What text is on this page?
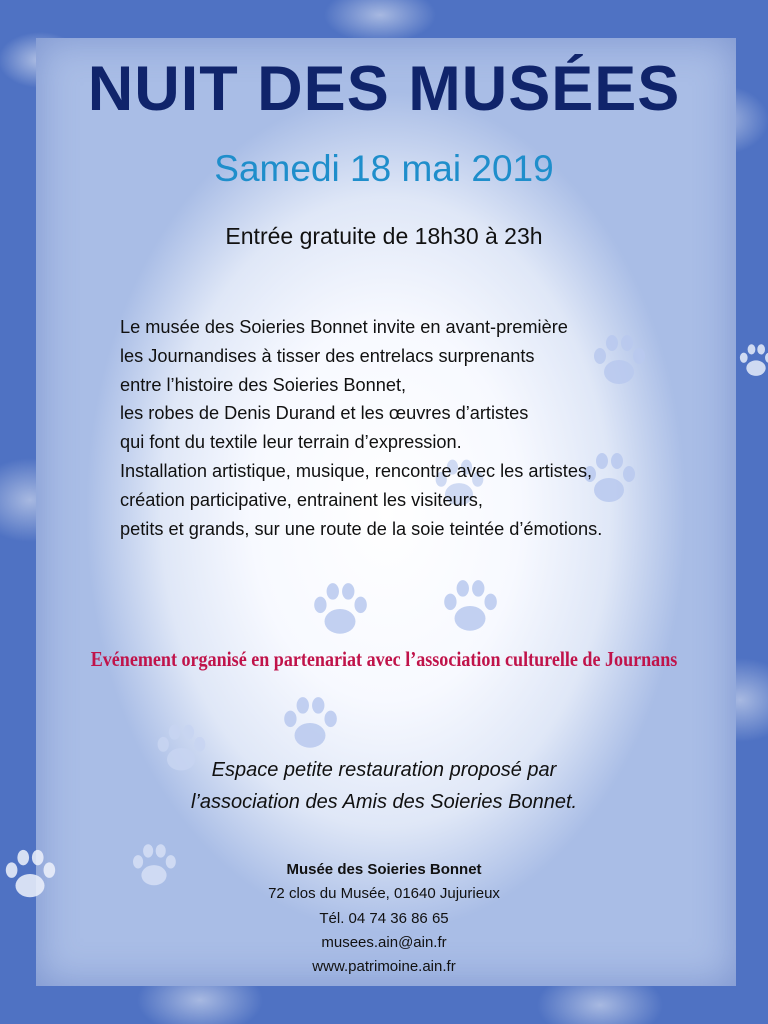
NUIT DES MUSÉES
Samedi 18 mai 2019
Entrée gratuite de 18h30 à 23h
Le musée des Soieries Bonnet invite en avant-première
les Journandises à tisser des entrelacs surprenants
entre l’histoire des Soieries Bonnet,
les robes de Denis Durand et les œuvres d’artistes
qui font du textile leur terrain d’expression.
Installation artistique, musique, rencontre avec les artistes,
création participative, entrainent les visiteurs,
petits et grands, sur une route de la soie teintée d’émotions.
Evénement organisé en partenariat avec l’association culturelle de Journans
Espace petite restauration proposé par
l’association des Amis des Soieries Bonnet.
Musée des Soieries Bonnet
72 clos du Musée, 01640 Jujurieux
Tél. 04 74 36 86 65
musees.ain@ain.fr
www.patrimoine.ain.fr
